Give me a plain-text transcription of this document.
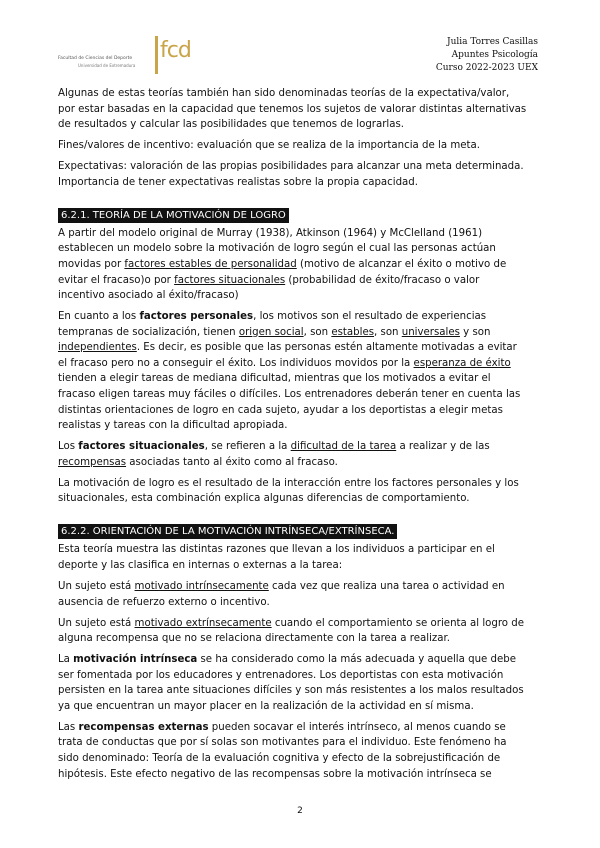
Facultad de Ciencias del Deporte
Universidad de Extremadura
fcd	Julia Torres Casillas
Apuntes Psicología
Curso 2022-2023 UEX

Algunas de estas teorías también han sido denominadas teorías de la expectativa/valor, por estar basadas en la capacidad que tenemos los sujetos de valorar distintas alternativas de resultados y calcular las posibilidades que tenemos de lograrlas.

Fines/valores de incentivo: evaluación que se realiza de la importancia de la meta.

Expectativas: valoración de las propias posibilidades para alcanzar una meta determinada. Importancia de tener expectativas realistas sobre la propia capacidad.

6.2.1. TEORÍA DE LA MOTIVACIÓN DE LOGRO

A partir del modelo original de Murray (1938), Atkinson (1964) y McClelland (1961) establecen un modelo sobre la motivación de logro según el cual las personas actúan movidas por factores estables de personalidad (motivo de alcanzar el éxito o motivo de evitar el fracaso)o por factores situacionales (probabilidad de éxito/fracaso o valor incentivo asociado al éxito/fracaso)

En cuanto a los factores personales, los motivos son el resultado de experiencias tempranas de socialización, tienen origen social, son estables, son universales y son independientes. Es decir, es posible que las personas estén altamente motivadas a evitar el fracaso pero no a conseguir el éxito. Los individuos movidos por la esperanza de éxito tienden a elegir tareas de mediana dificultad, mientras que los motivados a evitar el fracaso eligen tareas muy fáciles o difíciles. Los entrenadores deberán tener en cuenta las distintas orientaciones de logro en cada sujeto, ayudar a los deportistas a elegir metas realistas y tareas con la dificultad apropiada.

Los factores situacionales, se refieren a la dificultad de la tarea a realizar y de las recompensas asociadas tanto al éxito como al fracaso.

La motivación de logro es el resultado de la interacción entre los factores personales y los situacionales, esta combinación explica algunas diferencias de comportamiento.

6.2.2. ORIENTACIÓN DE LA MOTIVACIÓN INTRÍNSECA/EXTRÍNSECA.

Esta teoría muestra las distintas razones que llevan a los individuos a participar en el deporte y las clasifica en internas o externas a la tarea:

Un sujeto está motivado intrínsecamente cada vez que realiza una tarea o actividad en ausencia de refuerzo externo o incentivo.

Un sujeto está motivado extrínsecamente cuando el comportamiento se orienta al logro de alguna recompensa que no se relaciona directamente con la tarea a realizar.

La motivación intrínseca se ha considerado como la más adecuada y aquella que debe ser fomentada por los educadores y entrenadores. Los deportistas con esta motivación persisten en la tarea ante situaciones difíciles y son más resistentes a los malos resultados ya que encuentran un mayor placer en la realización de la actividad en sí misma.

Las recompensas externas pueden socavar el interés intrínseco, al menos cuando se trata de conductas que por sí solas son motivantes para el individuo. Este fenómeno ha sido denominado: Teoría de la evaluación cognitiva y efecto de la sobrejustificación de hipótesis. Este efecto negativo de las recompensas sobre la motivación intrínseca se

2
